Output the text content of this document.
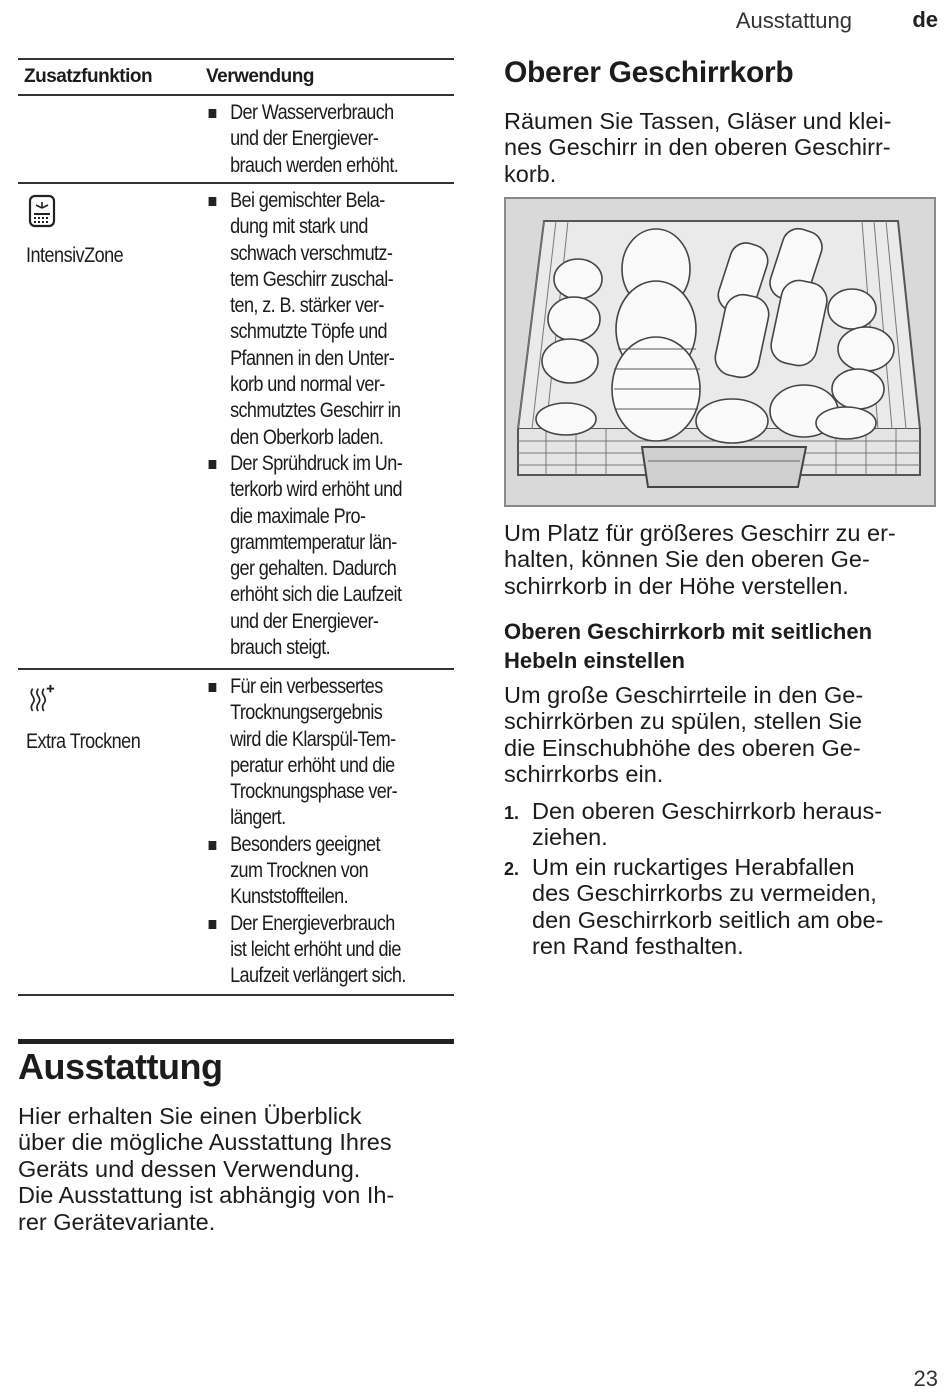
Ausstattung	de
Zusatzfunktion	Verwendung
Der Wasserverbrauch
und der Energiever-
brauch werden erhöht.
IntensivZone
Bei gemischter Bela-
dung mit stark und
schwach verschmutz-
tem Geschirr zuschal-
ten, z. B. stärker ver-
schmutzte Töpfe und
Pfannen in den Unter-
korb und normal ver-
schmutztes Geschirr in
den Oberkorb laden.
Der Sprühdruck im Un-
terkorb wird erhöht und
die maximale Pro-
grammtemperatur län-
ger gehalten. Dadurch
erhöht sich die Laufzeit
und der Energiever-
brauch steigt.
Extra Trocknen
Für ein verbessertes
Trocknungsergebnis
wird die Klarspül-Tem-
peratur erhöht und die
Trocknungsphase ver-
längert.
Besonders geeignet
zum Trocknen von
Kunststoffteilen.
Der Energieverbrauch
ist leicht erhöht und die
Laufzeit verlängert sich.
Ausstattung

Hier erhalten Sie einen Überblick
über die mögliche Ausstattung Ihres
Geräts und dessen Verwendung.
Die Ausstattung ist abhängig von Ih-
rer Gerätevariante.

Oberer Geschirrkorb

Räumen Sie Tassen, Gläser und klei-
nes Geschirr in den oberen Geschirr-
korb.

Um Platz für größeres Geschirr zu er-
halten, können Sie den oberen Ge-
schirrkorb in der Höhe verstellen.

Oberen Geschirrkorb mit seitlichen
Hebeln einstellen

Um große Geschirrteile in den Ge-
schirrkörben zu spülen, stellen Sie
die Einschubhöhe des oberen Ge-
schirrkorbs ein.

1. Den oberen Geschirrkorb heraus-
ziehen.
2. Um ein ruckartiges Herabfallen
des Geschirrkorbs zu vermeiden,
den Geschirrkorb seitlich am obe-
ren Rand festhalten.
23
